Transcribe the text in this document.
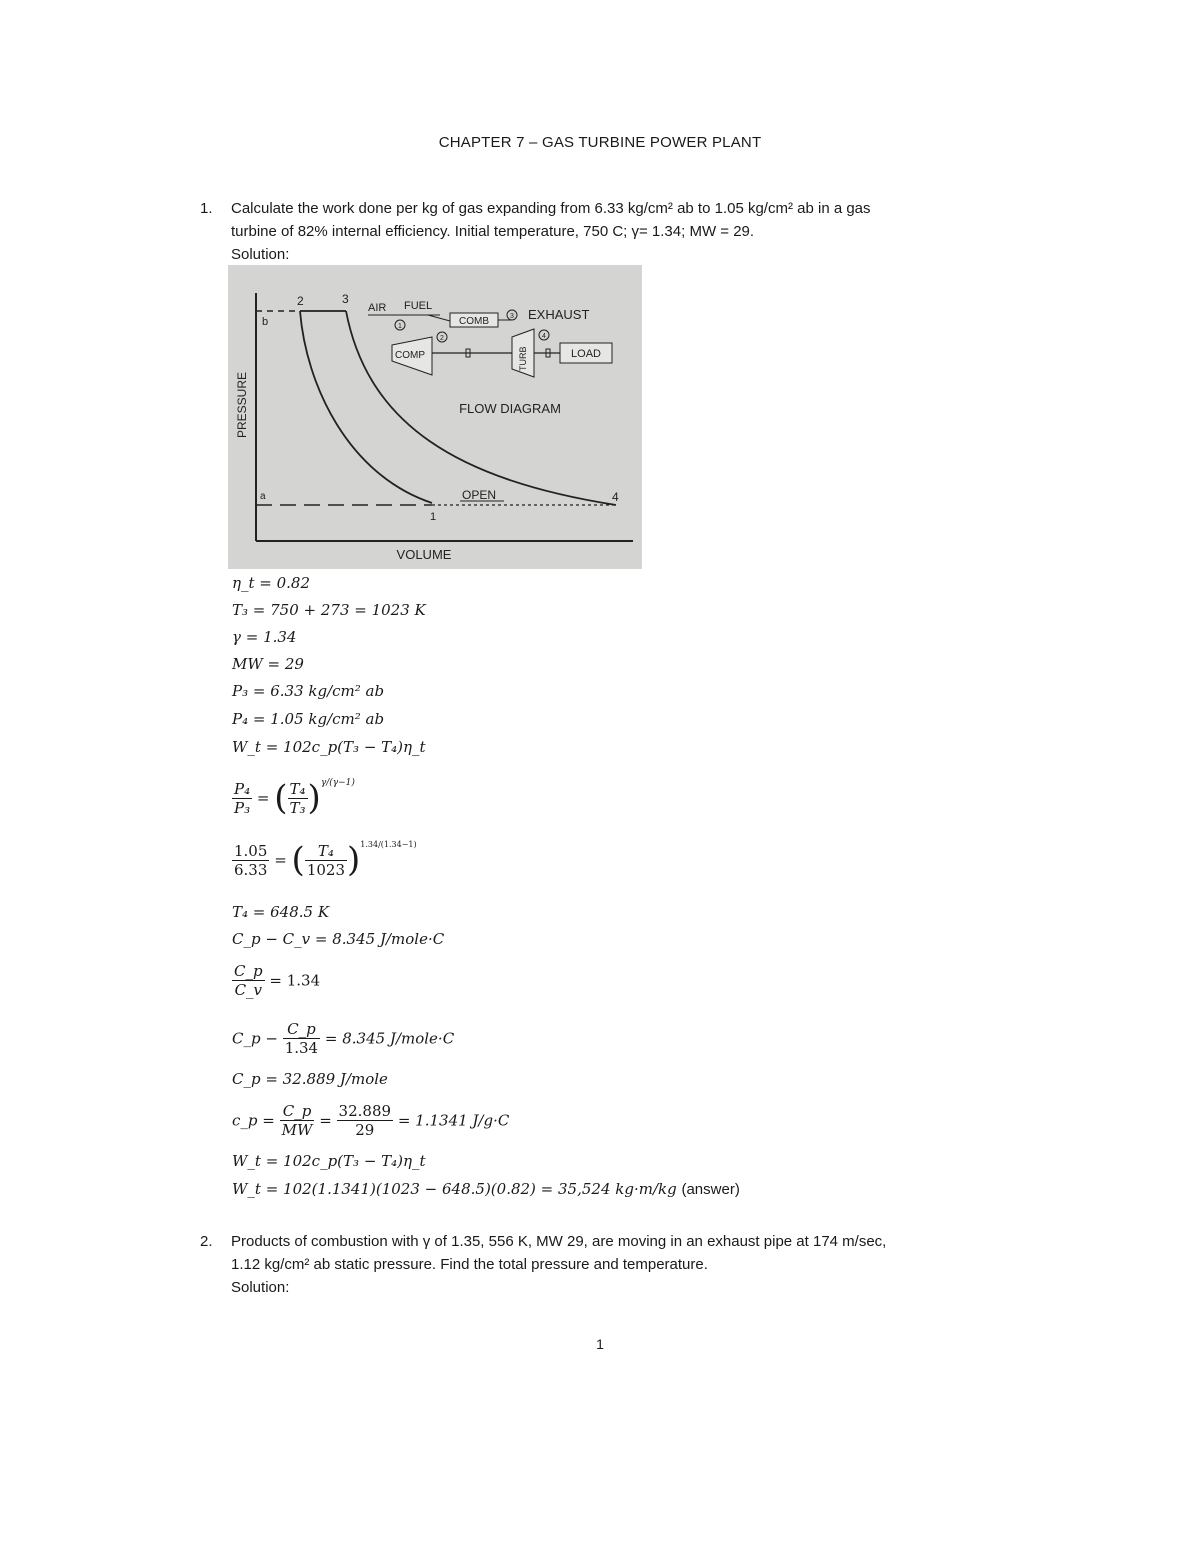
CHAPTER 7 – GAS TURBINE POWER PLANT
1. Calculate the work done per kg of gas expanding from 6.33 kg/cm² ab to 1.05 kg/cm² ab in a gas
turbine of 82% internal efficiency. Initial temperature, 750 C; γ= 1.34; MW = 29.
Solution:
PRESSURE
VOLUME
b
2	3
a
1
4
OPEN
AIR FUEL
1	COMB	3 EXHAUST
COMP
2
TURB
4
LOAD
FLOW DIAGRAM
η_t = 0.82
T₃ = 750 + 273 = 1023 K
γ = 1.34
MW = 29
P₃ = 6.33 kg/cm² ab
P₄ = 1.05 kg/cm² ab
W_t = 102c_p(T₃ − T₄)η_t
$\frac{\text{P₄}}{\text{P₃}}$ = ( $\frac{\text{T₄}}{\text{T₃}} )^{\gamma/(\gamma-1)}$
$\frac{1.05}{6.33}$ = ( $\frac{\text{T₄}}{1023} )^{1.34/(1.34-1)}$
T₄ = 648.5 K
C_p − C_v = 8.345 J/mole·C
$\frac{C\_p}{C\_v} = 1.34$
C_p − $\frac{C\_p}{1.34} = 8.345$ J/mole·C
C_p = 32.889 J/mole
c_p = $\frac{C\_p}{MW} = \frac{32.889}{29} = 1.1341$ J/g·C
W_t = 102c_p(T₃ − T₄)η_t
W_t = 102(1.1341)(1023 − 648.5)(0.82) = 35,524 kg·m/kg (answer)
2. Products of combustion with γ of 1.35, 556 K, MW 29, are moving in an exhaust pipe at 174 m/sec,
1.12 kg/cm² ab static pressure. Find the total pressure and temperature.
Solution:
1
